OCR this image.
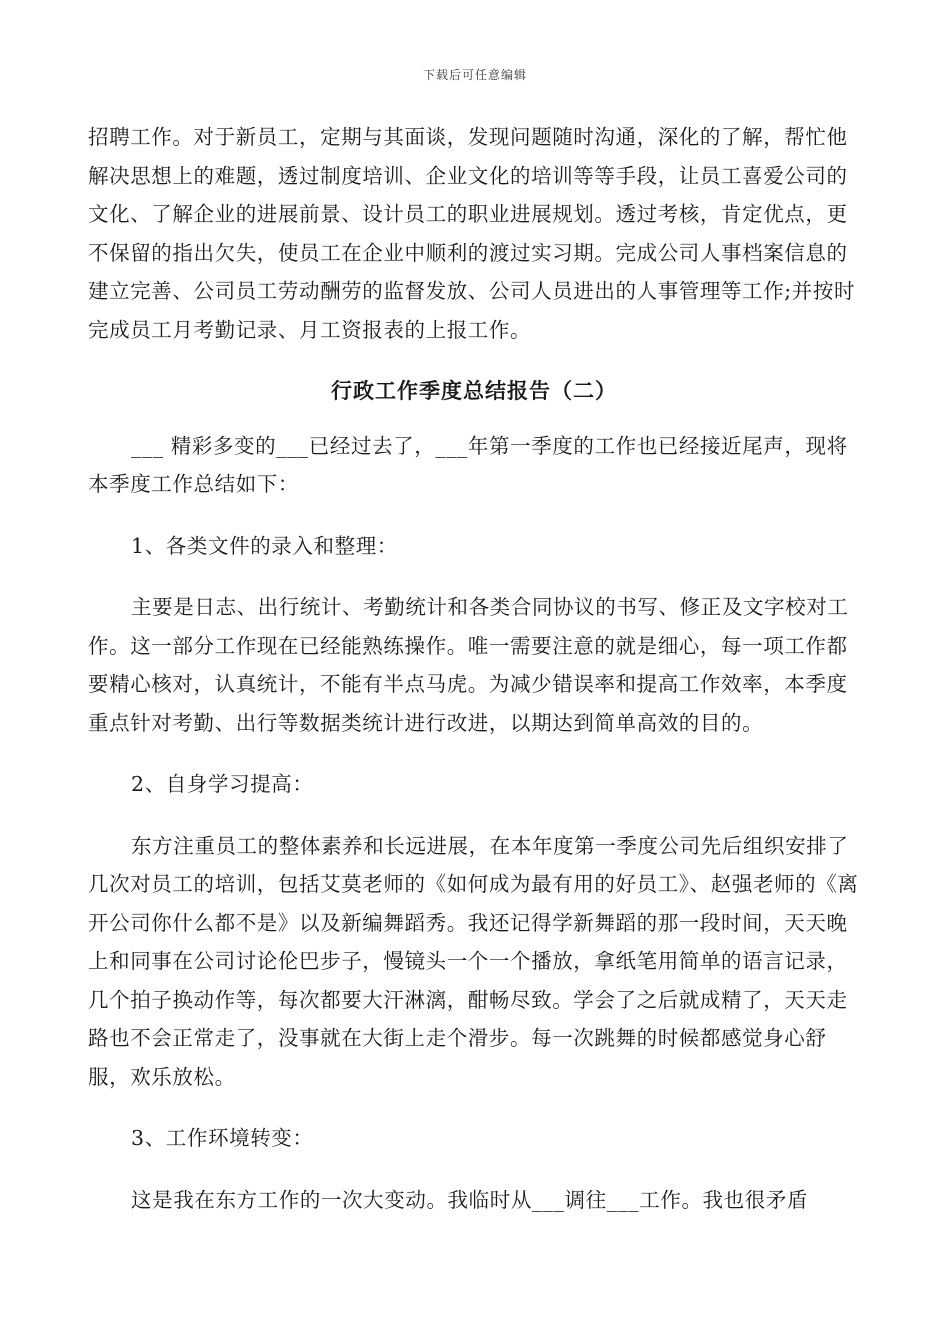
下载后可任意编辑

招聘工作。对于新员工，定期与其面谈，发现问题随时沟通，深化的了解，帮忙他解决思想上的难题，透过制度培训、企业文化的培训等等手段，让员工喜爱公司的文化、了解企业的进展前景、设计员工的职业进展规划。透过考核，肯定优点，更不保留的指出欠失，使员工在企业中顺利的渡过实习期。完成公司人事档案信息的建立完善、公司员工劳动酬劳的监督发放、公司人员进出的人事管理等工作;并按时完成员工月考勤记录、月工资报表的上报工作。

行政工作季度总结报告（二）

___ 精彩多变的___已经过去了，___年第一季度的工作也已经接近尾声，现将本季度工作总结如下：

1、各类文件的录入和整理：

主要是日志、出行统计、考勤统计和各类合同协议的书写、修正及文字校对工作。这一部分工作现在已经能熟练操作。唯一需要注意的就是细心，每一项工作都要精心核对，认真统计，不能有半点马虎。为减少错误率和提高工作效率，本季度重点针对考勤、出行等数据类统计进行改进，以期达到简单高效的目的。

2、自身学习提高：

东方注重员工的整体素养和长远进展，在本年度第一季度公司先后组织安排了几次对员工的培训，包括艾莫老师的《如何成为最有用的好员工》、赵强老师的《离开公司你什么都不是》以及新编舞蹈秀。我还记得学新舞蹈的那一段时间，天天晚上和同事在公司讨论伦巴步子，慢镜头一个一个播放，拿纸笔用简单的语言记录，几个拍子换动作等，每次都要大汗淋漓，酣畅尽致。学会了之后就成精了，天天走路也不会正常走了，没事就在大街上走个滑步。每一次跳舞的时候都感觉身心舒服，欢乐放松。

3、工作环境转变：

这是我在东方工作的一次大变动。我临时从___调往___工作。我也很矛盾
